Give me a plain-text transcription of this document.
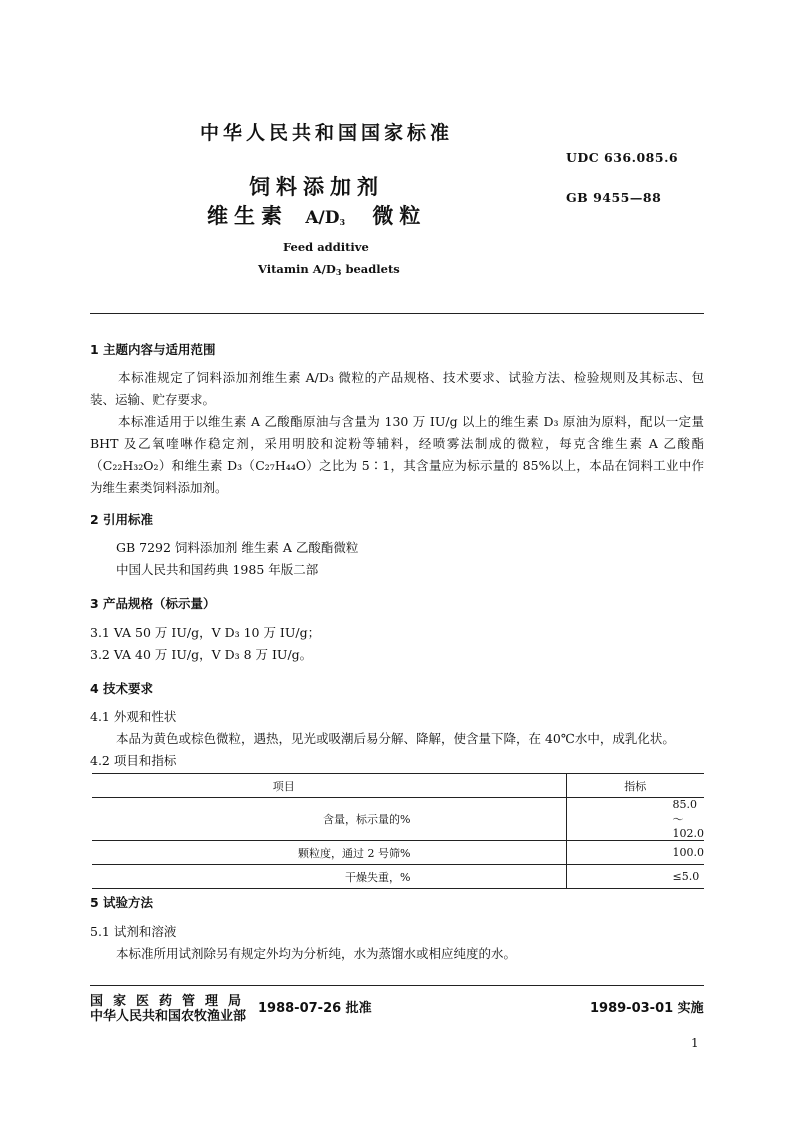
中华人民共和国国家标准
UDC 636.085.6
GB 9455—88
饲料添加剂
维生素 $A/D_3$ 微粒
Feed additive
Vitamin $A/D_3$ beadlets
1 主题内容与适用范围
本标准规定了饲料添加剂维生素 A/D₃ 微粒的产品规格、技术要求、试验方法、检验规则及其标志、包装、运输、贮存要求。
本标准适用于以维生素 A 乙酸酯原油与含量为 130 万 IU/g 以上的维生素 D₃ 原油为原料，配以一定量 BHT 及乙氧喹啉作稳定剂，采用明胶和淀粉等辅料，经喷雾法制成的微粒，每克含维生素 A 乙酸酯（C₂₂H₃₂O₂）和维生素 D₃（C₂₇H₄₄O）之比为 5∶1，其含量应为标示量的 85%以上，本品在饲料工业中作为维生素类饲料添加剂。
2 引用标准
GB 7292 饲料添加剂 维生素 A 乙酸酯微粒
中国人民共和国药典 1985 年版二部
3 产品规格（标示量）
3.1 VA 50 万 IU/g，V D₃ 10 万 IU/g；
3.2 VA 40 万 IU/g，V D₃ 8 万 IU/g。
4 技术要求
4.1 外观和性状
本品为黄色或棕色微粒，遇热，见光或吸潮后易分解、降解，使含量下降，在 40℃水中，成乳化状。
4.2 项目和指标
项目	指标
含量，标示量的%	85.0～102.0
颗粒度，通过 2 号筛%	100.0
干燥失重，%	≤5.0
5 试验方法
5.1 试剂和溶液
本标准所用试剂除另有规定外均为分析纯，水为蒸馏水或相应纯度的水。
国家医药管理局
中华人民共和国农牧渔业部
1988-07-26 批准	1989-03-01 实施
1
